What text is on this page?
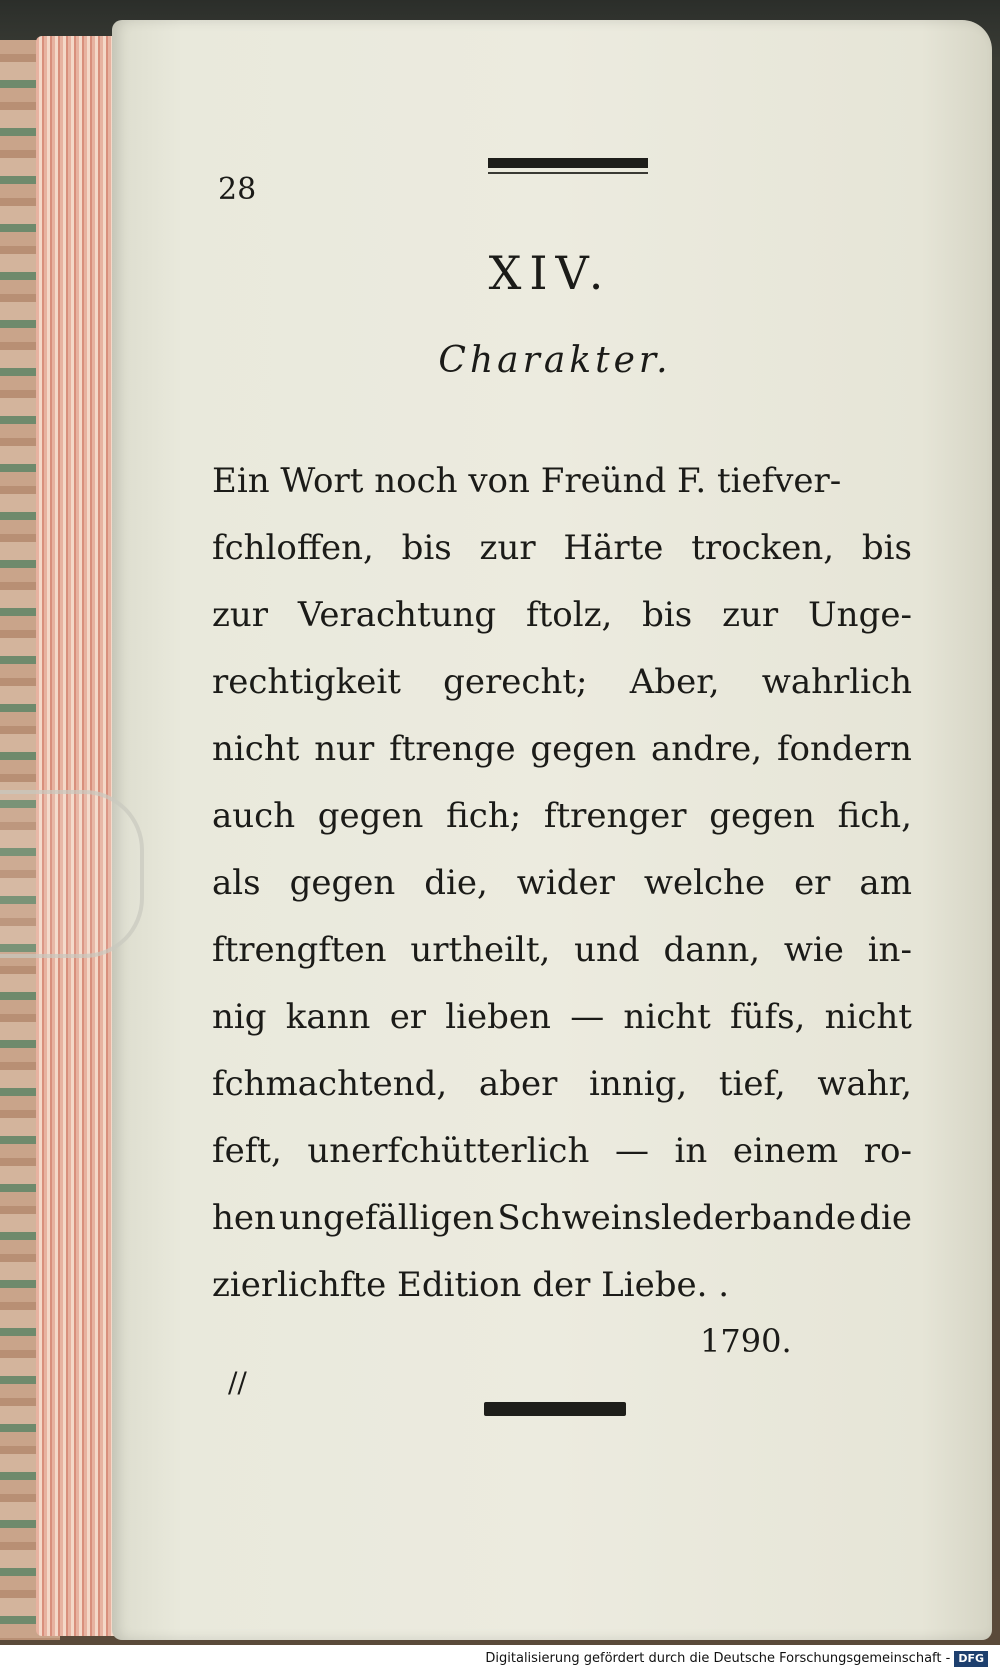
28
XIV.
Charakter.
Ein Wort noch von Freünd F. tiefver-
fchloffen, bis zur Härte trocken, bis
zur Verachtung ftolz, bis zur Unge-
rechtigkeit gerecht; Aber, wahrlich
nicht nur ftrenge gegen andre, fondern
auch gegen fich; ftrenger gegen fich,
als gegen die, wider welche er am
ftrengften urtheilt, und dann, wie in-
nig kann er lieben — nicht füfs, nicht
fchmachtend, aber innig, tief, wahr,
feft, unerfchütterlich — in einem ro-
hen ungefälligen Schweinslederbande die
zierlichfte Edition der Liebe. .
1790.
//
Digitalisierung gefördert durch die Deutsche Forschungsgemeinschaft - DFG
